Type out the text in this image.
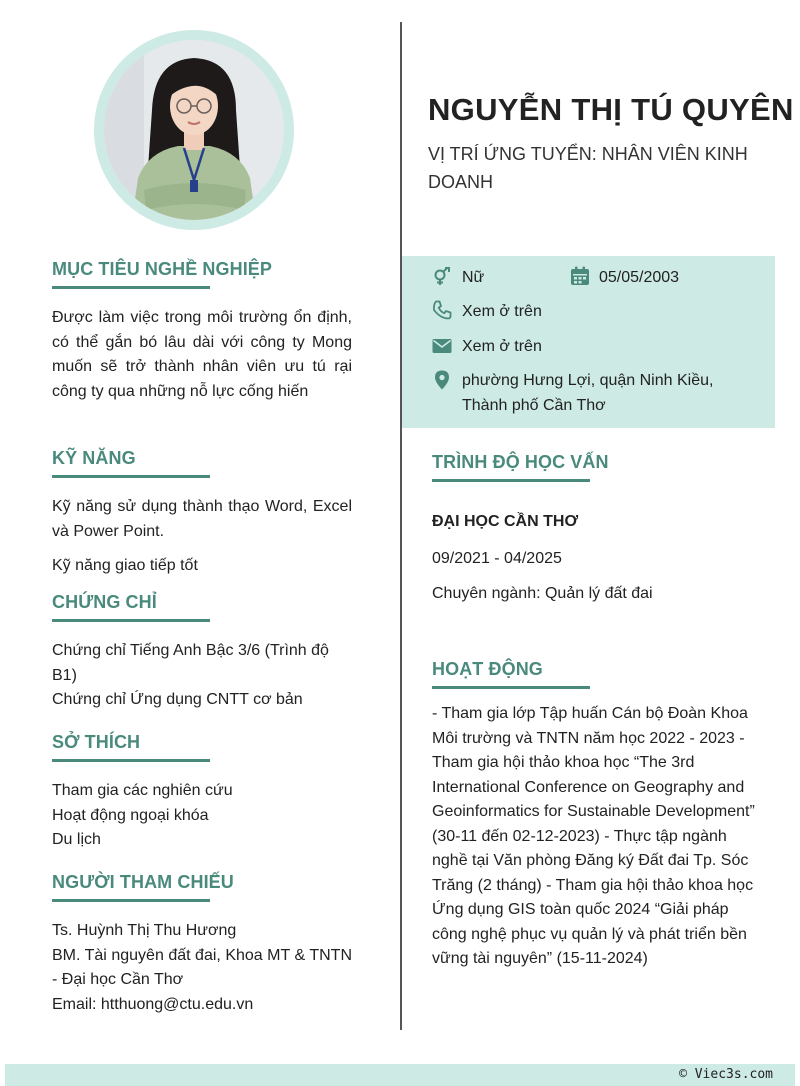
NGUYỄN THỊ TÚ QUYÊN
VỊ TRÍ ỨNG TUYỂN: NHÂN VIÊN KINH DOANH
Nữ	05/05/2003
Xem ở trên
Xem ở trên
phường Hưng Lợi, quận Ninh Kiều,
Thành phố Cần Thơ
MỤC TIÊU NGHỀ NGHIỆP

Được làm việc trong môi trường ổn định, có thể gắn bó lâu dài với công ty Mong muốn sẽ trở thành nhân viên ưu tú rại công ty qua những nỗ lực cống hiến

KỸ NĂNG

Kỹ năng sử dụng thành thạo Word, Excel và Power Point.

Kỹ năng giao tiếp tốt

CHỨNG CHỈ

Chứng chỉ Tiếng Anh Bậc 3/6 (Trình độ B1)

Chứng chỉ Ứng dụng CNTT cơ bản

SỞ THÍCH

Tham gia các nghiên cứu

Hoạt động ngoại khóa

Du lịch

NGƯỜI THAM CHIẾU

Ts. Huỳnh Thị Thu Hương

BM. Tài nguyên đất đai, Khoa MT & TNTN - Đại học Cần Thơ

Email: htthuong@ctu.edu.vn

TRÌNH ĐỘ HỌC VẤN

ĐẠI HỌC CẦN THƠ

09/2021 - 04/2025

Chuyên ngành: Quản lý đất đai

HOẠT ĐỘNG

- Tham gia lớp Tập huấn Cán bộ Đoàn Khoa Môi trường và TNTN năm học 2022 - 2023 - Tham gia hội thảo khoa học “The 3rd International Conference on Geography and Geoinformatics for Sustainable Development” (30-11 đến 02-12-2023) - Thực tập ngành nghề tại Văn phòng Đăng ký Đất đai Tp. Sóc Trăng (2 tháng) - Tham gia hội thảo khoa học Ứng dụng GIS toàn quốc 2024 “Giải pháp công nghệ phục vụ quản lý và phát triển bền vững tài nguyên” (15-11-2024)

© Viec3s.com
